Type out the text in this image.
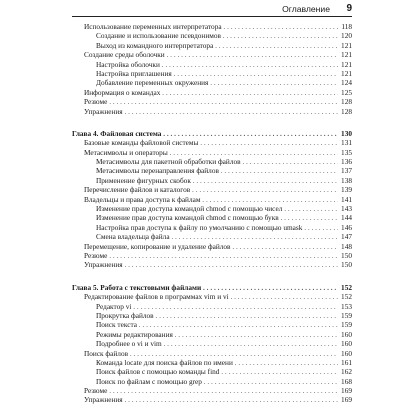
Оглавление 9
Использование переменных интерпретатора . . .	118
Создание и использование псевдонимов . . .	120
Выход из командного интерпретатора . . .	121
Создание среды оболочки . . .	121
Настройка оболочки . . .	121
Настройка приглашения . . .	121
Добавление переменных окружения . . .	124
Информация о командах . . .	125
Резюме . . .	128
Упражнения . . .	128
Глава 4. Файловая система . . .	130
Базовые команды файловой системы . . .	131
Метасимволы и операторы . . .	135
Метасимволы для пакетной обработки файлов . . .	136
Метасимволы перенаправления файлов . . .	137
Применение фигурных скобок . . .	138
Перечисление файлов и каталогов . . .	139
Владельцы и права доступа к файлам . . .	141
Изменение прав доступа командой chmod с помощью чисел . . .	143
Изменение прав доступа командой chmod с помощью букв . . .	144
Настройка прав доступа к файлу по умолчанию с помощью umask . . .	146
Смена владельца файла . . .	147
Перемещение, копирование и удаление файлов . . .	148
Резюме . . .	150
Упражнения . . .	150
Глава 5. Работа с текстовыми файлами . . .	152
Редактирование файлов в программах vim и vi . . .	152
Редактор vi . . .	153
Прокрутка файлов . . .	159
Поиск текста . . .	159
Режимы редактирования . . .	160
Подробнее о vi и vim . . .	160
Поиск файлов . . .	160
Команда locate для поиска файлов по имени . . .	161
Поиск файлов с помощью команды find . . .	162
Поиск по файлам с помощью grep . . .	168
Резюме . . .	169
Упражнения . . .	169
